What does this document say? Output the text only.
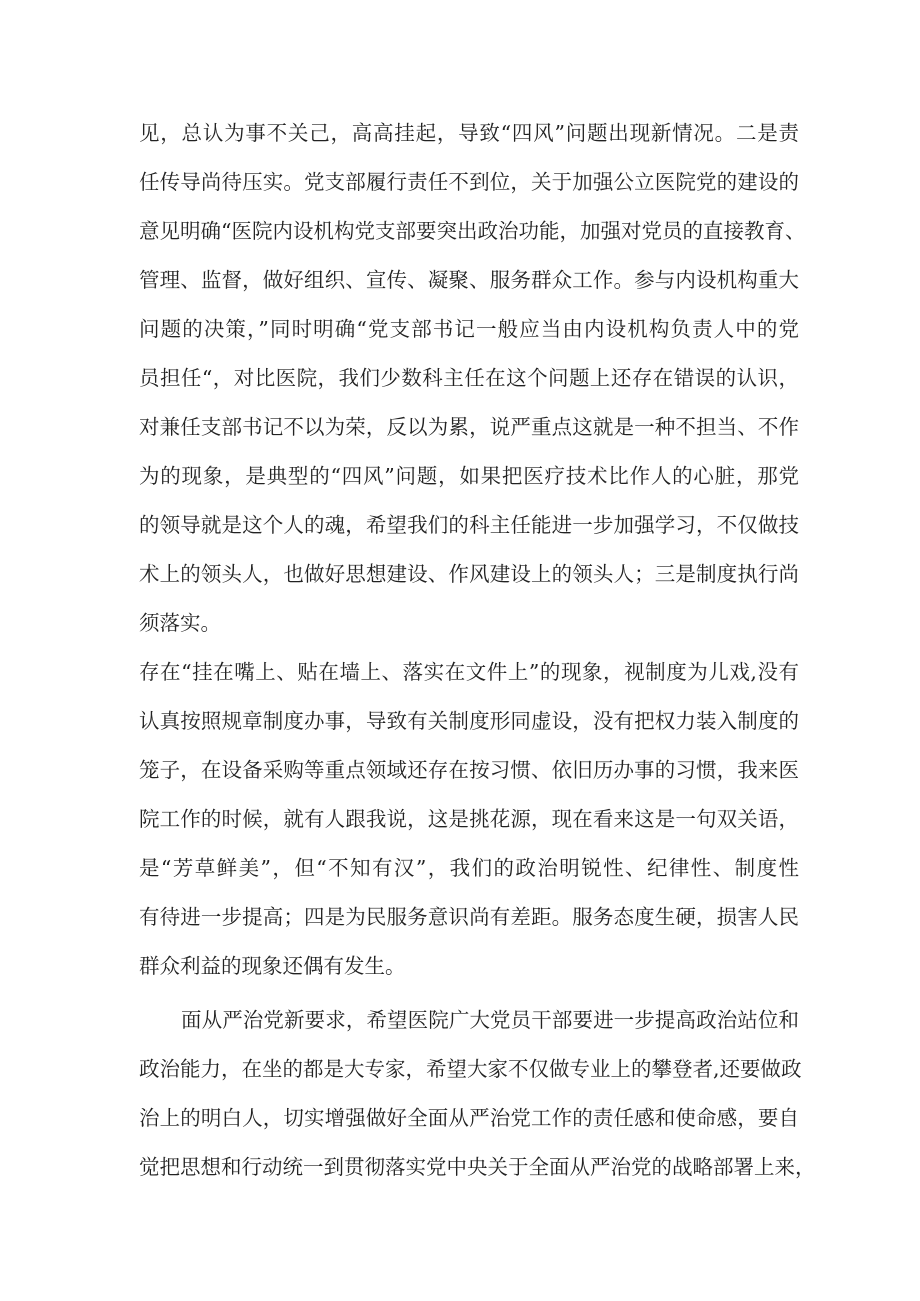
见，总认为事不关己，高高挂起，导致“四风”问题出现新情况。二是责
任传导尚待压实。党支部履行责任不到位，关于加强公立医院党的建设的
意见明确“医院内设机构党支部要突出政治功能，加强对党员的直接教育、
管理、监督，做好组织、宣传、凝聚、服务群众工作。参与内设机构重大
问题的决策，”同时明确“党支部书记一般应当由内设机构负责人中的党
员担任“，对比医院，我们少数科主任在这个问题上还存在错误的认识，
对兼任支部书记不以为荣，反以为累，说严重点这就是一种不担当、不作
为的现象，是典型的“四风”问题，如果把医疗技术比作人的心脏，那党
的领导就是这个人的魂，希望我们的科主任能进一步加强学习，不仅做技
术上的领头人，也做好思想建设、作风建设上的领头人；三是制度执行尚
须落实。
存在“挂在嘴上、贴在墙上、落实在文件上”的现象，视制度为儿戏,没有
认真按照规章制度办事，导致有关制度形同虚设，没有把权力装入制度的
笼子，在设备采购等重点领域还存在按习惯、依旧历办事的习惯，我来医
院工作的时候，就有人跟我说，这是挑花源，现在看来这是一句双关语，
是“芳草鲜美”，但“不知有汉”，我们的政治明锐性、纪律性、制度性
有待进一步提高；四是为民服务意识尚有差距。服务态度生硬，损害人民
群众利益的现象还偶有发生。
面从严治党新要求，希望医院广大党员干部要进一步提高政治站位和
政治能力，在坐的都是大专家，希望大家不仅做专业上的攀登者,还要做政
治上的明白人，切实增强做好全面从严治党工作的责任感和使命感，要自
觉把思想和行动统一到贯彻落实党中央关于全面从严治党的战略部署上来，
